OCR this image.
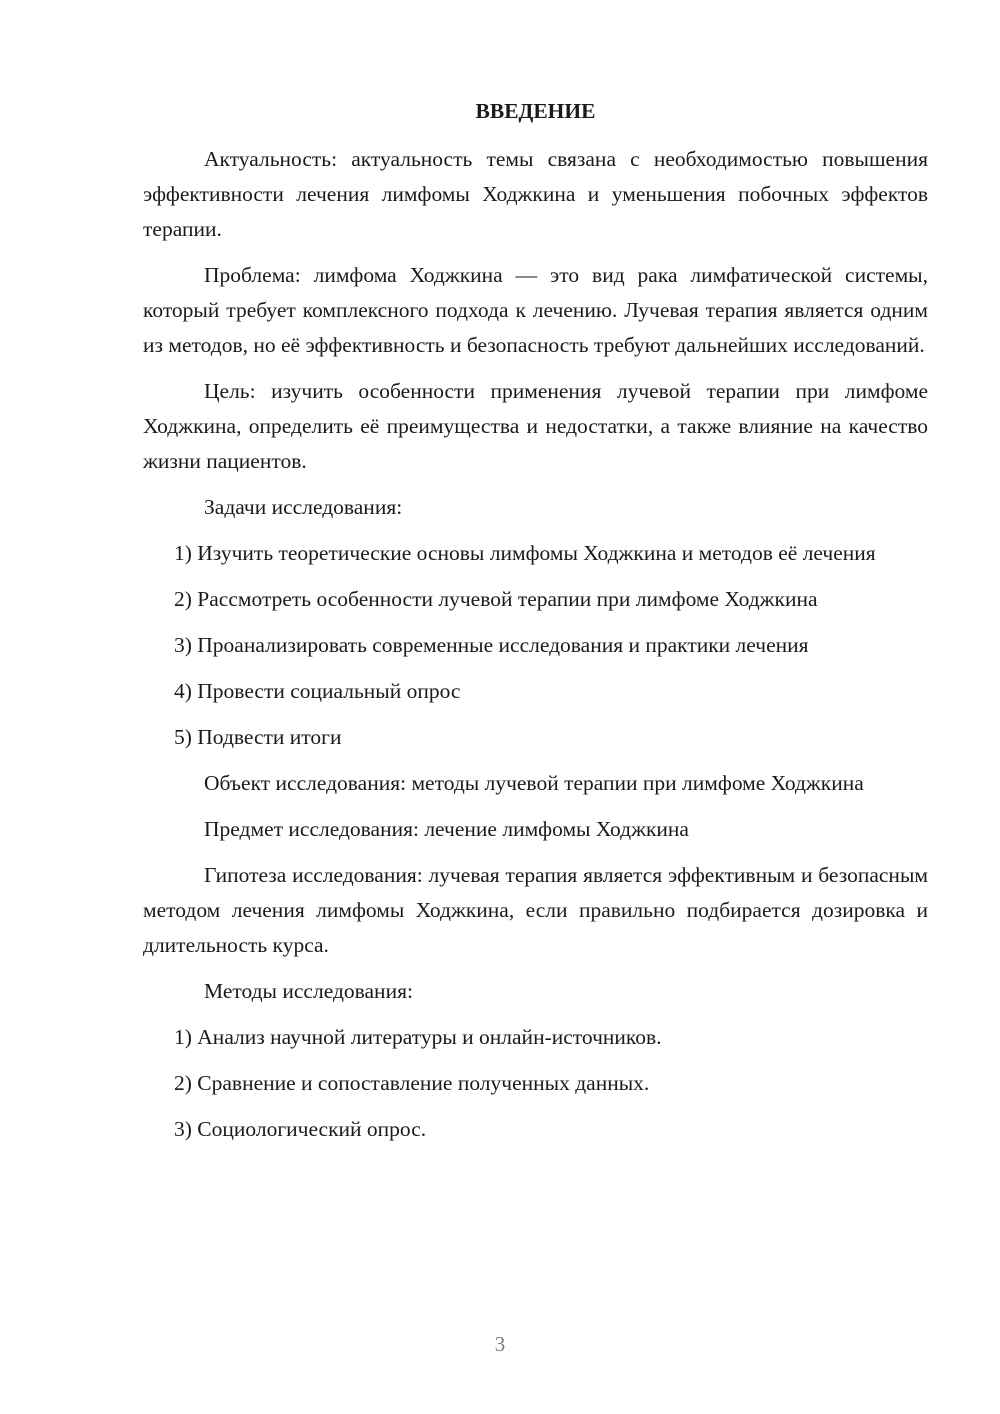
ВВЕДЕНИЕ

Актуальность: актуальность темы связана с необходимостью повышения эффективности лечения лимфомы Ходжкина и уменьшения побочных эффектов терапии.

Проблема: лимфома Ходжкина — это вид рака лимфатической системы, который требует комплексного подхода к лечению. Лучевая терапия является одним из методов, но её эффективность и безопасность требуют дальнейших исследований.

Цель: изучить особенности применения лучевой терапии при лимфоме Ходжкина, определить её преимущества и недостатки, а также влияние на качество жизни пациентов.

Задачи исследования:

1) Изучить теоретические основы лимфомы Ходжкина и методов её лечения

2) Рассмотреть особенности лучевой терапии при лимфоме Ходжкина

3) Проанализировать современные исследования и практики лечения

4) Провести социальный опрос

5) Подвести итоги

Объект исследования: методы лучевой терапии при лимфоме Ходжкина

Предмет исследования: лечение лимфомы Ходжкина

Гипотеза исследования: лучевая терапия является эффективным и безопасным методом лечения лимфомы Ходжкина, если правильно подбирается дозировка и длительность курса.

Методы исследования:

1) Анализ научной литературы и онлайн-источников.

2) Сравнение и сопоставление полученных данных.

3) Социологический опрос.

3
